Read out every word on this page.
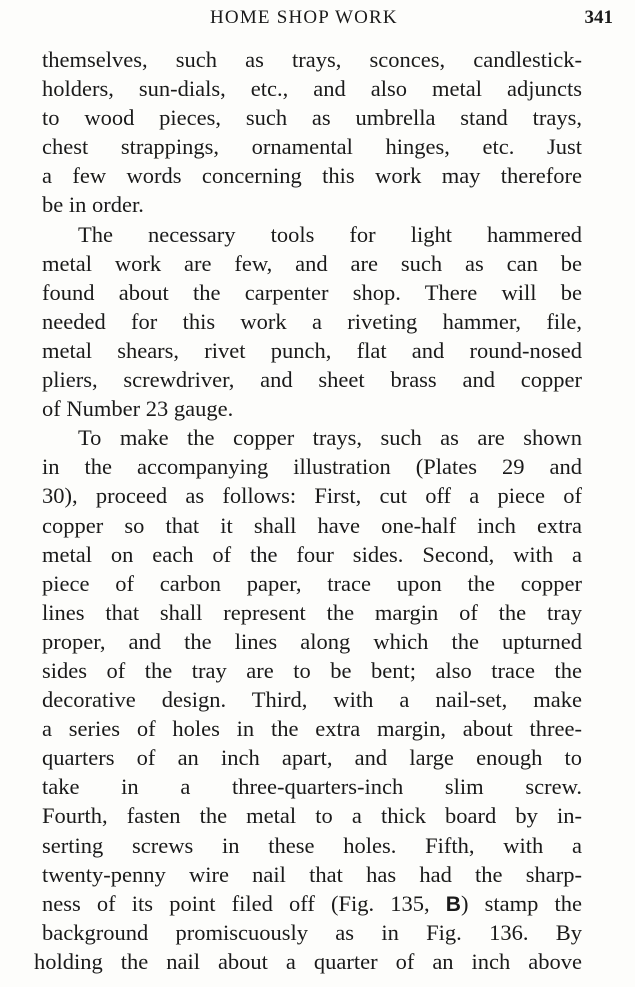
HOME SHOP WORK	341
themselves, such as trays, sconces, candlestick-
holders, sun-dials, etc., and also metal adjuncts
to wood pieces, such as umbrella stand trays,
chest strappings, ornamental hinges, etc. Just
a few words concerning this work may therefore
be in order.
The necessary tools for light hammered
metal work are few, and are such as can be
found about the carpenter shop. There will be
needed for this work a riveting hammer, file,
metal shears, rivet punch, flat and round-nosed
pliers, screwdriver, and sheet brass and copper
of Number 23 gauge.
To make the copper trays, such as are shown
in the accompanying illustration (Plates 29 and
30), proceed as follows: First, cut off a piece of
copper so that it shall have one-half inch extra
metal on each of the four sides. Second, with a
piece of carbon paper, trace upon the copper
lines that shall represent the margin of the tray
proper, and the lines along which the upturned
sides of the tray are to be bent; also trace the
decorative design. Third, with a nail-set, make
a series of holes in the extra margin, about three-
quarters of an inch apart, and large enough to
take in a three-quarters-inch slim screw.
Fourth, fasten the metal to a thick board by in-
serting screws in these holes. Fifth, with a
twenty-penny wire nail that has had the sharp-
ness of its point filed off (Fig. 135, B) stamp the
background promiscuously as in Fig. 136. By
holding the nail about a quarter of an inch above
